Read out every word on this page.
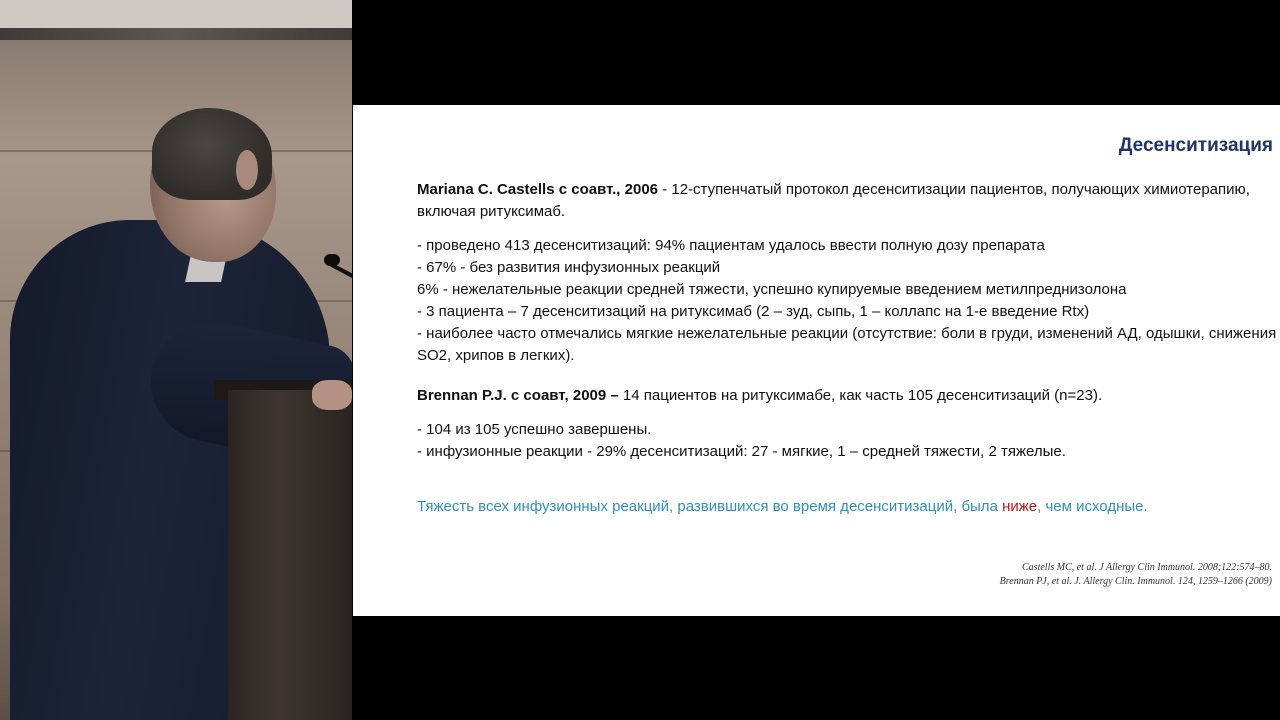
Десенситизация
Mariana C. Castells с соавт., 2006 - 12-ступенчатый протокол десенситизации пациентов, получающих химиотерапию, включая ритуксимаб.
- проведено 413 десенситизаций: 94% пациентам удалось ввести полную дозу препарата
- 67% - без развития инфузионных реакций
6% - нежелательные реакции средней тяжести, успешно купируемые введением метилпреднизолона
- 3 пациента – 7 десенситизаций на ритуксимаб (2 – зуд, сыпь, 1 – коллапс на 1-е введение Rtx)
- наиболее часто отмечались мягкие нежелательные реакции (отсутствие: боли в груди, изменений АД, одышки, снижения SO2, хрипов в легких).
Brennan P.J. с соавт, 2009 – 14 пациентов на ритуксимабе, как часть 105 десенситизаций (n=23).
- 104 из 105 успешно завершены.
- инфузионные реакции - 29% десенситизаций: 27 - мягкие, 1 – средней тяжести, 2 тяжелые.
Тяжесть всех инфузионных реакций, развившихся во время десенситизаций, была ниже, чем исходные.
Castells MC, et al. J Allergy Clin Immunol. 2008;122:574–80.
Brennan PJ, et al. J. Allergy Clin. Immunol. 124, 1259–1266 (2009)
